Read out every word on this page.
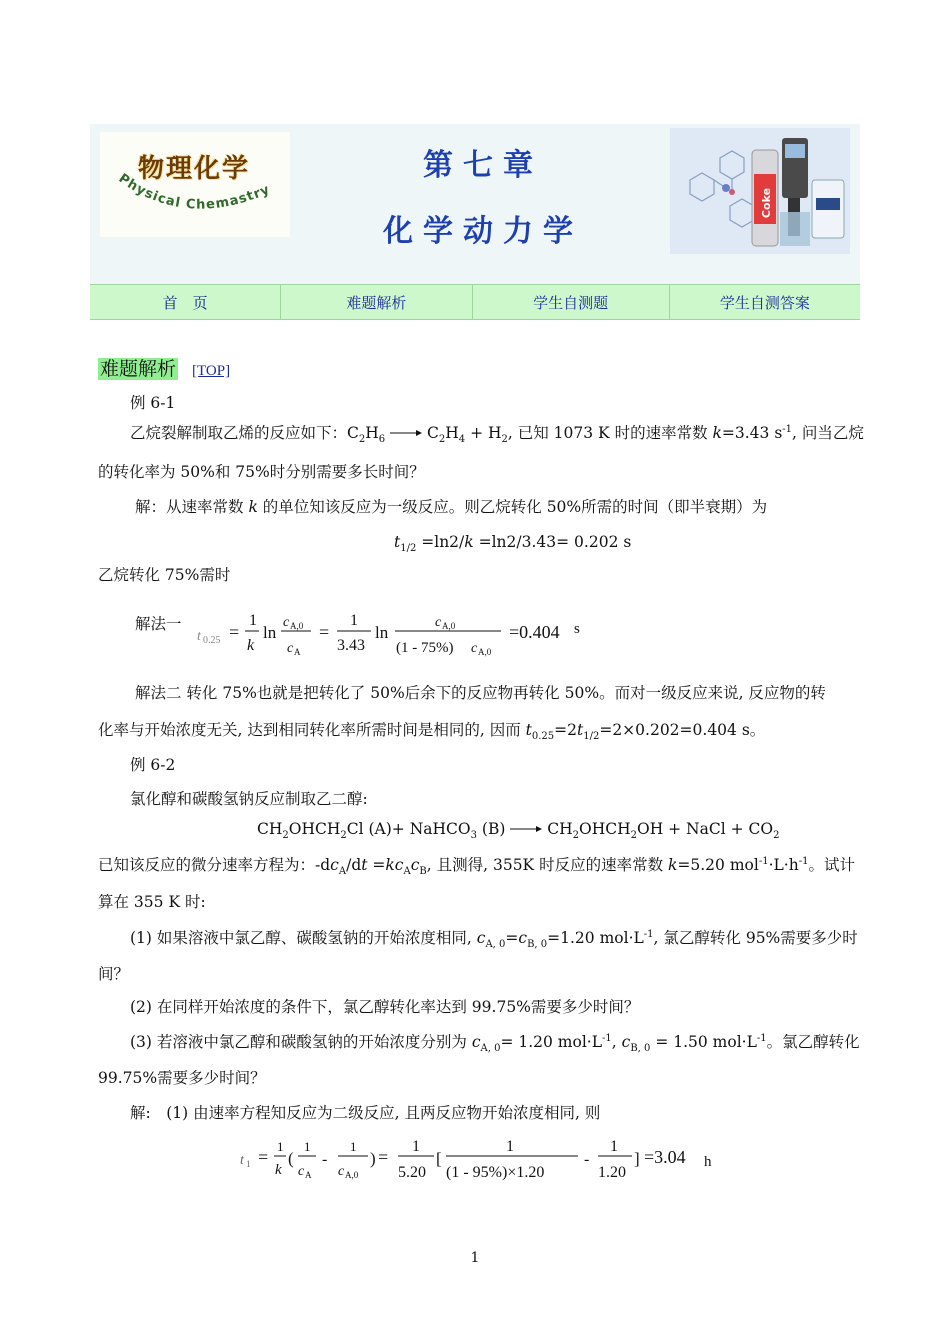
物理化学
Physical Chemastry
第七章
化学动力学
Coke
首　页	难题解析	学生自测题	学生自测答案
难题解析 [TOP]
例 6-1
乙烷裂解制取乙烯的反应如下：$C_2H_6 \to C_2H_4 + H_2$, 已知 1073 K 时的速率常数 k=3.43 $s^{-1}$, 问当乙烷
的转化率为 50%和 75%时分别需要多长时间？
解：从速率常数 k 的单位知该反应为一级反应。则乙烷转化 50%所需的时间（即半衰期）为
$t_{1/2} =\ln 2/k =\ln 2/3.43= 0.202$ s
乙烷转化 75%需时
解法一
t 0.25 =
1
k
ln
c A,0
c A
=
1
3.43
ln
c A,0
(1 - 75%) c A,0
=0.404 s
解法二 转化 75%也就是把转化了 50%后余下的反应物再转化 50%。而对一级反应来说, 反应物的转
化率与开始浓度无关, 达到相同转化率所需时间是相同的, 因而 $t_{0.25}=2t_{1/2}=2\times 0.202=0.404$ s。
例 6-2
氯化醇和碳酸氢钠反应制取乙二醇:
$CH_2OHCH_2Cl$ (A)+ NaHCO$_3$ $(B) \to CH_2OHCH_2OH$ + NaCl + $CO_2$
已知该反应的微分速率方程为：$-dc_A/dt =kc_Ac_B$, 且测得, 355K 时反应的速率常数 k=5.20 $mol^{-1}\cdot L\cdot h^{-1}$。试计
算在 355 K 时:
(1) 如果溶液中氯乙醇、碳酸氢钠的开始浓度相同, $c_{A, 0}=c_{B, 0}=1.20$ $mol\cdot L^{-1}$, 氯乙醇转化 95%需要多少时
间？
(2) 在同样开始浓度的条件下，氯乙醇转化率达到 99.75%需要多少时间？
(3) 若溶液中氯乙醇和碳酸氢钠的开始浓度分别为 $c_{A, 0}= 1.20$ $mol\cdot L^{-1}$, $c_{B, 0} = 1.50$ $mol\cdot L^{-1}$。氯乙醇转化
99.75%需要多少时间？
解:　(1) 由速率方程知反应为二级反应, 且两反应物开始浓度相同, 则
t 1 =
1
k
(
1
c A
-
1
c A,0
) =
1
5.20
[
1
(1 - 95%)×1.20
-
1
1.20
] =3.04 h
1
